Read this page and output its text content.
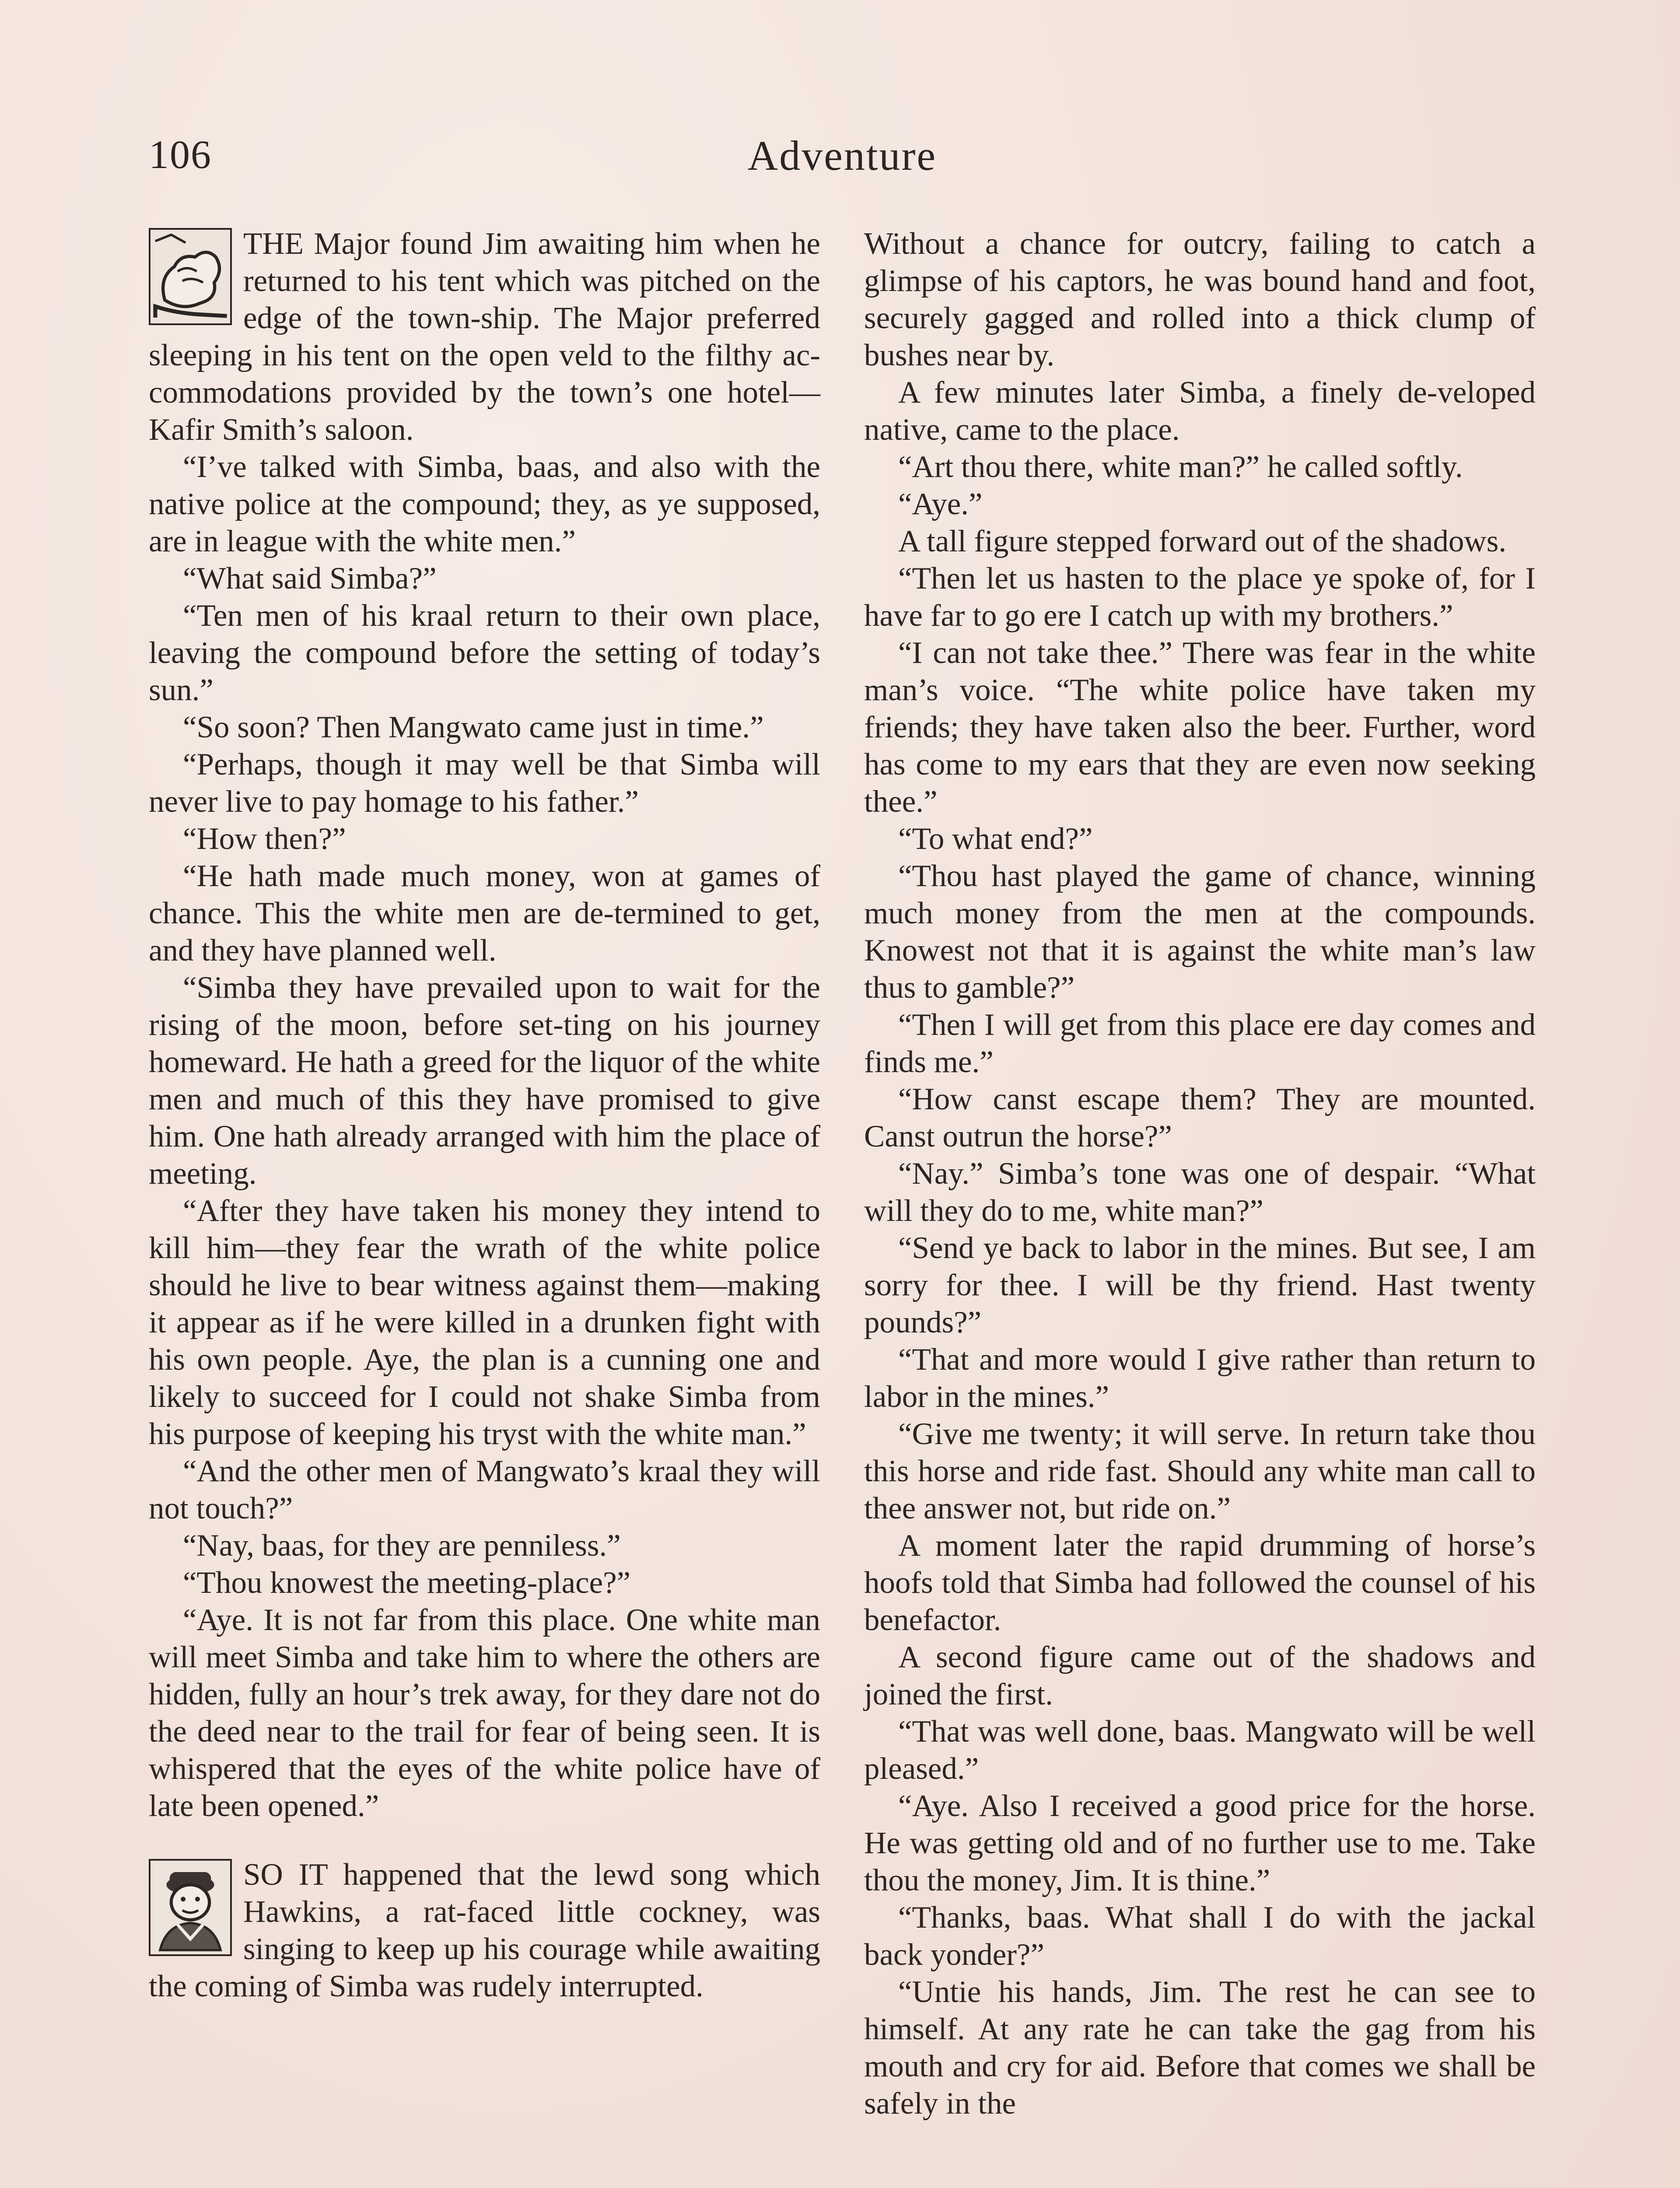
106	Adventure

THE Major found Jim awaiting him when he returned to his tent which was pitched on the edge of the town-ship. The Major preferred sleeping in his tent on the open veld to the filthy ac-commodations provided by the town’s one hotel—Kafir Smith’s saloon.

“I’ve talked with Simba, baas, and also with the native police at the compound; they, as ye supposed, are in league with the white men.”

“What said Simba?”

“Ten men of his kraal return to their own place, leaving the compound before the setting of today’s sun.”

“So soon? Then Mangwato came just in time.”

“Perhaps, though it may well be that Simba will never live to pay homage to his father.”

“How then?”

“He hath made much money, won at games of chance. This the white men are de-termined to get, and they have planned well.

“Simba they have prevailed upon to wait for the rising of the moon, before set-ting on his journey homeward. He hath a greed for the liquor of the white men and much of this they have promised to give him. One hath already arranged with him the place of meeting.

“After they have taken his money they intend to kill him—they fear the wrath of the white police should he live to bear witness against them—making it appear as if he were killed in a drunken fight with his own people. Aye, the plan is a cunning one and likely to succeed for I could not shake Simba from his purpose of keeping his tryst with the white man.”

“And the other men of Mangwato’s kraal they will not touch?”

“Nay, baas, for they are penniless.”

“Thou knowest the meeting-place?”

“Aye. It is not far from this place. One white man will meet Simba and take him to where the others are hidden, fully an hour’s trek away, for they dare not do the deed near to the trail for fear of being seen. It is whispered that the eyes of the white police have of late been opened.”

SO IT happened that the lewd song which Hawkins, a rat-faced little cockney, was singing to keep up his courage while awaiting the coming of Simba was rudely interrupted.

Without a chance for outcry, failing to catch a glimpse of his captors, he was bound hand and foot, securely gagged and rolled into a thick clump of bushes near by.

A few minutes later Simba, a finely de-veloped native, came to the place.

“Art thou there, white man?” he called softly.

“Aye.”

A tall figure stepped forward out of the shadows.

“Then let us hasten to the place ye spoke of, for I have far to go ere I catch up with my brothers.”

“I can not take thee.” There was fear in the white man’s voice. “The white police have taken my friends; they have taken also the beer. Further, word has come to my ears that they are even now seeking thee.”

“To what end?”

“Thou hast played the game of chance, winning much money from the men at the compounds. Knowest not that it is against the white man’s law thus to gamble?”

“Then I will get from this place ere day comes and finds me.”

“How canst escape them? They are mounted. Canst outrun the horse?”

“Nay.” Simba’s tone was one of despair. “What will they do to me, white man?”

“Send ye back to labor in the mines. But see, I am sorry for thee. I will be thy friend. Hast twenty pounds?”

“That and more would I give rather than return to labor in the mines.”

“Give me twenty; it will serve. In return take thou this horse and ride fast. Should any white man call to thee answer not, but ride on.”

A moment later the rapid drumming of horse’s hoofs told that Simba had followed the counsel of his benefactor.

A second figure came out of the shadows and joined the first.

“That was well done, baas. Mangwato will be well pleased.”

“Aye. Also I received a good price for the horse. He was getting old and of no further use to me. Take thou the money, Jim. It is thine.”

“Thanks, baas. What shall I do with the jackal back yonder?”

“Untie his hands, Jim. The rest he can see to himself. At any rate he can take the gag from his mouth and cry for aid. Before that comes we shall be safely in the
